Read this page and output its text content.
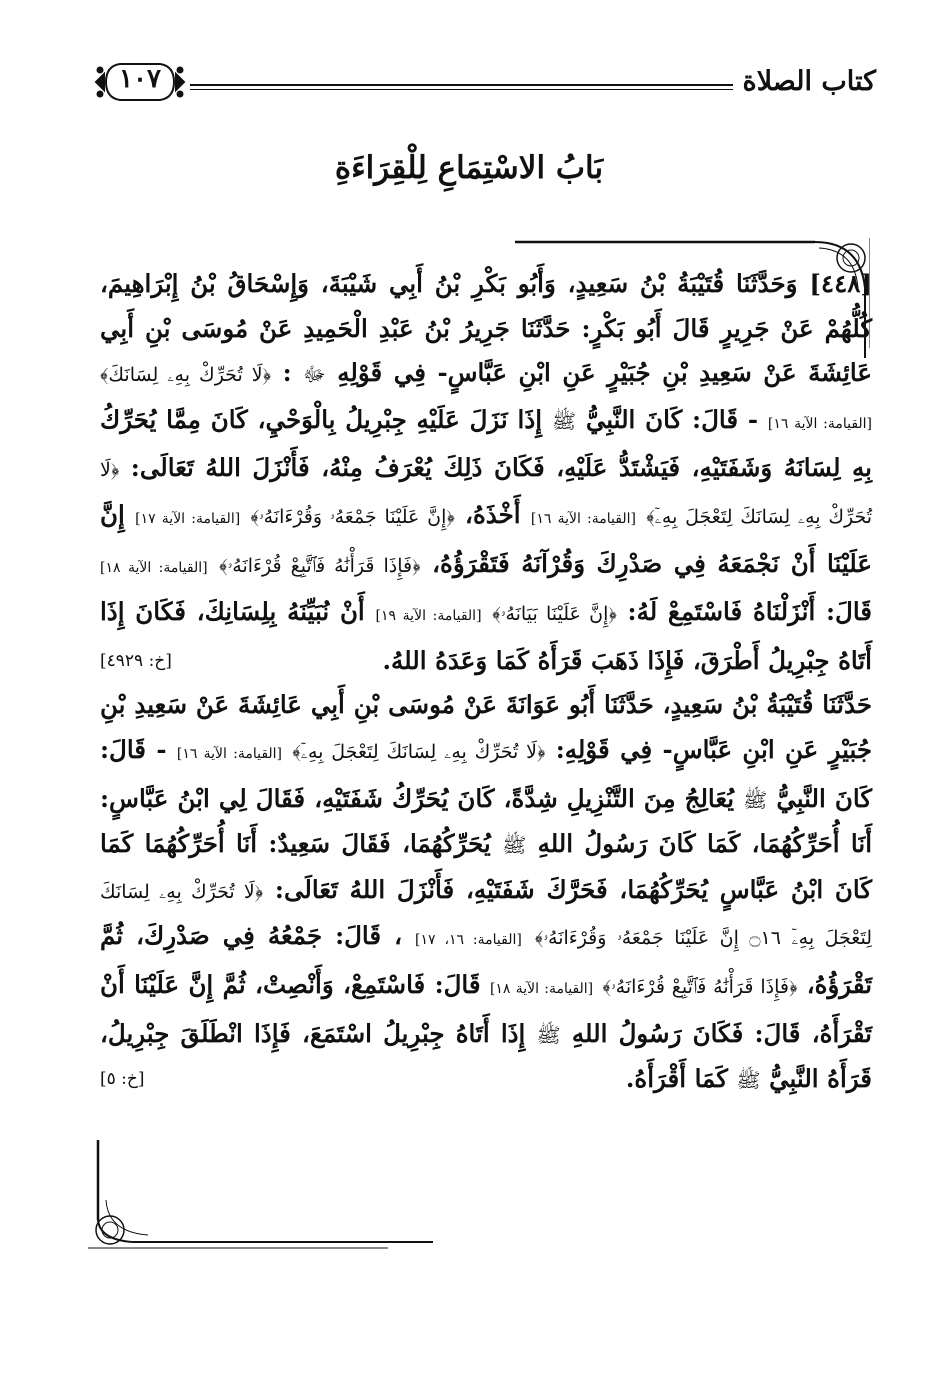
كتاب الصلاة
١٠٧
بَابُ الاسْتِمَاعِ لِلْقِرَاءَةِ

[٤٤٨] وَحَدَّثَنَا قُتَيْبَةُ بْنُ سَعِيدٍ، وَأَبُو بَكْرِ بْنُ أَبِي شَيْبَةَ، وَإِسْحَاقُ بْنُ إِبْرَاهِيمَ، كُلُّهُمْ عَنْ جَرِيرٍ قَالَ أَبُو بَكْرٍ: حَدَّثَنَا جَرِيرُ بْنُ عَبْدِ الْحَمِيدِ عَنْ مُوسَى بْنِ أَبِي عَائِشَةَ عَنْ سَعِيدِ بْنِ جُبَيْرٍ عَنِ ابْنِ عَبَّاسٍ- فِي قَوْلِهِ ﷻ : ﴿لَا تُحَرِّكْ بِهِۦ لِسَانَكَ﴾ [القيامة: الآية ١٦] - قَالَ: كَانَ النَّبِيُّ ﷺ إِذَا نَزَلَ عَلَيْهِ جِبْرِيلُ بِالْوَحْيِ، كَانَ مِمَّا يُحَرِّكُ بِهِ لِسَانَهُ وَشَفَتَيْهِ، فَيَشْتَدُّ عَلَيْهِ، فَكَانَ ذَلِكَ يُعْرَفُ مِنْهُ، فَأَنْزَلَ اللهُ تَعَالَى: ﴿لَا تُحَرِّكْ بِهِۦ لِسَانَكَ لِتَعْجَلَ بِهِۦٓ﴾ [القيامة: الآية ١٦] أَخْذَهُ، ﴿إِنَّ عَلَيْنَا جَمْعَهُۥ وَقُرْءَانَهُۥ﴾ [القيامة: الآية ١٧] إِنَّ عَلَيْنَا أَنْ نَجْمَعَهُ فِي صَدْرِكَ وَقُرْآنَهُ فَتَقْرَؤُهُ، ﴿فَإِذَا قَرَأْنَٰهُ فَٱتَّبِعْ قُرْءَانَهُۥ﴾ [القيامة: الآية ١٨] قَالَ: أَنْزَلْنَاهُ فَاسْتَمِعْ لَهُ: ﴿إِنَّ عَلَيْنَا بَيَانَهُۥ﴾ [القيامة: الآية ١٩] أَنْ نُبَيِّنَهُ بِلِسَانِكَ، فَكَانَ إِذَا أَتَاهُ جِبْرِيلُ أَطْرَقَ، فَإِذَا ذَهَبَ قَرَأَهُ كَمَا وَعَدَهُ اللهُ.
[خ: ٤٩٢٩]

حَدَّثَنَا قُتَيْبَةُ بْنُ سَعِيدٍ، حَدَّثَنَا أَبُو عَوَانَةَ عَنْ مُوسَى بْنِ أَبِي عَائِشَةَ عَنْ سَعِيدِ بْنِ جُبَيْرٍ عَنِ ابْنِ عَبَّاسٍ- فِي قَوْلِهِ: ﴿لَا تُحَرِّكْ بِهِۦ لِسَانَكَ لِتَعْجَلَ بِهِۦٓ﴾ [القيامة: الآية ١٦] - قَالَ: كَانَ النَّبِيُّ ﷺ يُعَالِجُ مِنَ التَّنْزِيلِ شِدَّةً، كَانَ يُحَرِّكُ شَفَتَيْهِ، فَقَالَ لِي ابْنُ عَبَّاسٍ: أَنَا أُحَرِّكُهُمَا، كَمَا كَانَ رَسُولُ اللهِ ﷺ يُحَرِّكُهُمَا، فَقَالَ سَعِيدٌ: أَنَا أُحَرِّكُهُمَا كَمَا كَانَ ابْنُ عَبَّاسٍ يُحَرِّكُهُمَا، فَحَرَّكَ شَفَتَيْهِ، فَأَنْزَلَ اللهُ تَعَالَى: ﴿لَا تُحَرِّكْ بِهِۦ لِسَانَكَ لِتَعْجَلَ بِهِۦٓ ۝١٦ إِنَّ عَلَيْنَا جَمْعَهُۥ وَقُرْءَانَهُۥ﴾ [القيامة: ١٦، ١٧] ، قَالَ: جَمْعُهُ فِي صَدْرِكَ، ثُمَّ تَقْرَؤُهُ، ﴿فَإِذَا قَرَأْنَٰهُ فَٱتَّبِعْ قُرْءَانَهُۥ﴾ [القيامة: الآية ١٨] قَالَ: فَاسْتَمِعْ، وَأَنْصِتْ، ثُمَّ إِنَّ عَلَيْنَا أَنْ تَقْرَأَهُ، قَالَ: فَكَانَ رَسُولُ اللهِ ﷺ إِذَا أَتَاهُ جِبْرِيلُ اسْتَمَعَ، فَإِذَا انْطَلَقَ جِبْرِيلُ، قَرَأَهُ النَّبِيُّ ﷺ كَمَا أَقْرَأَهُ.
[خ: ٥]
